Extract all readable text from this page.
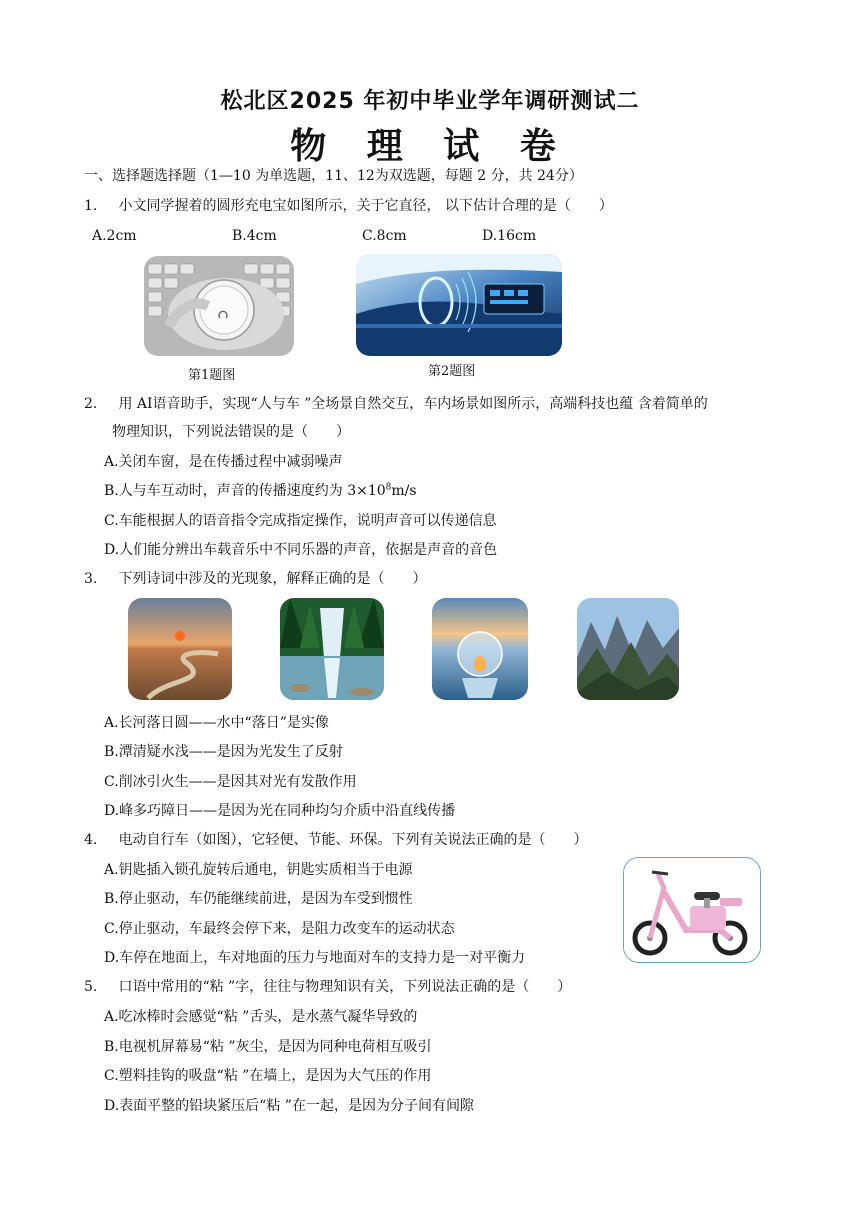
松北区2025 年初中毕业学年调研测试二
物 理 试 卷
一、选择题选择题（1—10 为单选题，11、12为双选题，每题 2 分，共 24分）
1. 小文同学握着的圆形充电宝如图所示，关于它直径， 以下估计合理的是（　　）
A.2cm	B.4cm	C.8cm	D.16cm
第1题图	第2题图
2. 用 AI语音助手，实现“人与车 ”全场景自然交互，车内场景如图所示，高端科技也蕴 含着简单的
物理知识，下列说法错误的是（　　）
A.关闭车窗，是在传播过程中减弱噪声
B.人与车互动时，声音的传播速度约为 $3\times 10^8m/s$
C.车能根据人的语音指令完成指定操作，说明声音可以传递信息
D.人们能分辨出车载音乐中不同乐器的声音，依据是声音的音色
3. 下列诗词中涉及的光现象，解释正确的是（　　）
A.长河落日圆——水中“落日”是实像
B.潭清疑水浅——是因为光发生了反射
C.削冰引火生——是因其对光有发散作用
D.峰多巧障日——是因为光在同种均匀介质中沿直线传播
4. 电动自行车（如图），它轻便、节能、环保。下列有关说法正确的是（　　）
A.钥匙插入锁孔旋转后通电，钥匙实质相当于电源
B.停止驱动，车仍能继续前进，是因为车受到惯性
C.停止驱动，车最终会停下来，是阻力改变车的运动状态
D.车停在地面上，车对地面的压力与地面对车的支持力是一对平衡力
5. 口语中常用的“粘 ”字，往往与物理知识有关，下列说法正确的是（　　）
A.吃冰棒时会感觉“粘 ”舌头，是水蒸气凝华导致的
B.电视机屏幕易“粘 ”灰尘，是因为同种电荷相互吸引
C.塑料挂钩的吸盘“粘 ”在墙上，是因为大气压的作用
D.表面平整的铅块紧压后“粘 ”在一起，是因为分子间有间隙
